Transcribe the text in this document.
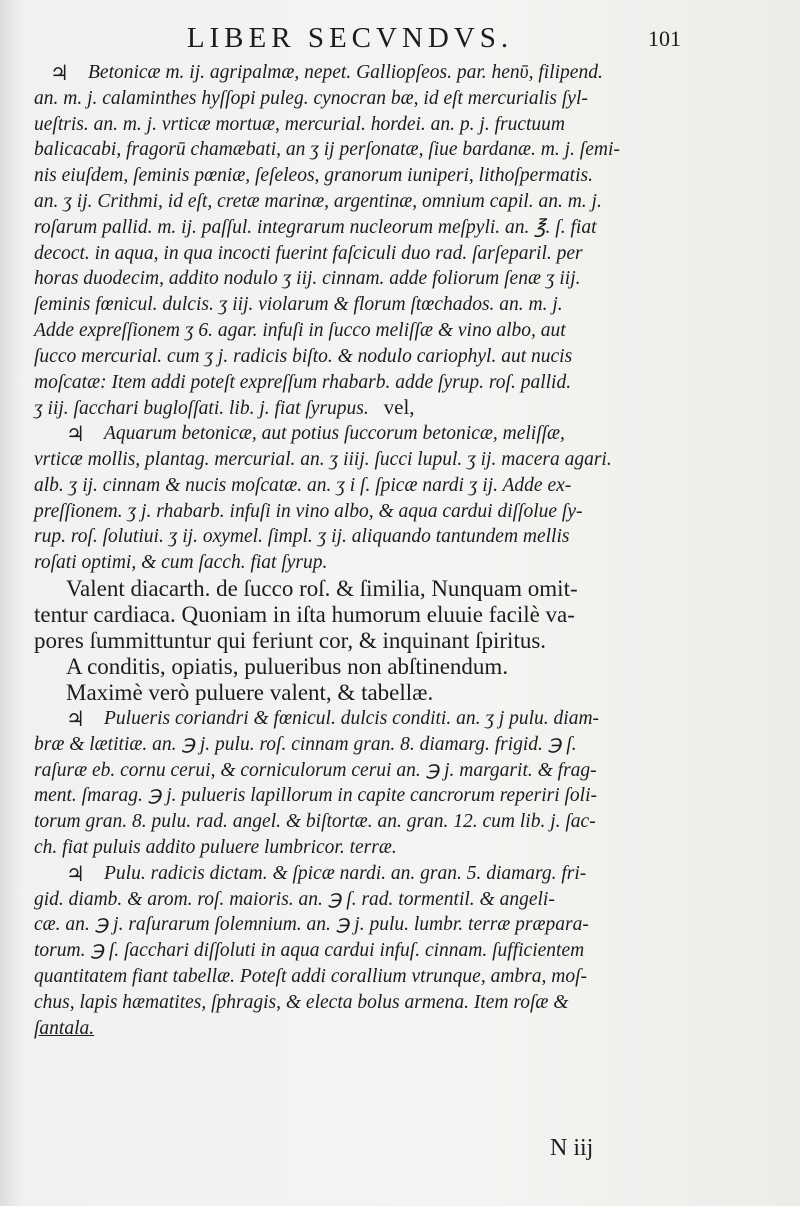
LIBER SECVNDVS.	101
♃ Betonicæ m. ij. agripalmæ, nepet. Galliopſeos. par. henῡ, filipend.
an. m. j. calaminthes hyſſopi puleg. cynocran bæ, id eſt mercurialis ſyl-
ueſtris. an. m. j. vrticæ mortuæ, mercurial. hordei. an. p. j. fructuum
balicacabi, fragorū chamæbati, an ʒ ij perſonatæ, ſiue bardanæ. m. j. ſemi-
nis eiuſdem, ſeminis pœniæ, ſeſeleos, granorum iuniperi, lithoſpermatis.
an. ʒ ij. Crithmi, id eſt, cretæ marinæ, argentinæ, omnium capil. an. m. j.
roſarum pallid. m. ij. paſſul. integrarum nucleorum meſpyli. an. ℥. ſ. fiat
decoct. in aqua, in qua incocti fuerint faſciculi duo rad. ſarſeparil. per
horas duodecim, addito nodulo ʒ iij. cinnam. adde foliorum ſenæ ʒ iij.
ſeminis fœnicul. dulcis. ʒ iij. violarum & florum ſtœchados. an. m. j.
Adde expreſſionem ʒ 6. agar. infuſi in ſucco meliſſæ & vino albo, aut
ſucco mercurial. cum ʒ j. radicis biſto. & nodulo cariophyl. aut nucis
moſcatæ: Item addi poteſt expreſſum rhabarb. adde ſyrup. roſ. pallid.
ʒ iij. ſacchari bugloſſati. lib. j. fiat ſyrupus. vel,
♃ Aquarum betonicæ, aut potius ſuccorum betonicæ, meliſſæ,
vrticæ mollis, plantag. mercurial. an. ʒ iiij. ſucci lupul. ʒ ij. macera agari.
alb. ʒ ij. cinnam & nucis moſcatæ. an. ʒ i ſ. ſpicæ nardi ʒ ij. Adde ex-
preſſionem. ʒ j. rhabarb. infuſi in vino albo, & aqua cardui diſſolue ſy-
rup. roſ. ſolutiui. ʒ ij. oxymel. ſimpl. ʒ ij. aliquando tantundem mellis
roſati optimi, & cum ſacch. fiat ſyrup.
Valent diacarth. de ſucco roſ. & ſimilia, Nunquam omit-
tentur cardiaca. Quoniam in iſta humorum eluuie facilè va-
pores ſummittuntur qui feriunt cor, & inquinant ſpiritus.
A conditis, opiatis, pulueribus non abſtinendum.
Maximè verò puluere valent, & tabellæ.
♃ Pulueris coriandri & fœnicul. dulcis conditi. an. ʒ j pulu. diam-
bræ & lætitiæ. an. ℈ j. pulu. roſ. cinnam gran. 8. diamarg. frigid. ℈ ſ.
raſuræ eb. cornu cerui, & corniculorum cerui an. ℈ j. margarit. & frag-
ment. ſmarag. ℈ j. pulueris lapillorum in capite cancrorum reperiri ſoli-
torum gran. 8. pulu. rad. angel. & biſtortæ. an. gran. 12. cum lib. j. ſac-
ch. fiat puluis addito puluere lumbricor. terræ.
♃ Pulu. radicis dictam. & ſpicæ nardi. an. gran. 5. diamarg. fri-
gid. diamb. & arom. roſ. maioris. an. ℈ ſ. rad. tormentil. & angeli-
cæ. an. ℈ j. raſurarum ſolemnium. an. ℈ j. pulu. lumbr. terræ præpara-
torum. ℈ ſ. ſacchari diſſoluti in aqua cardui infuſ. cinnam. ſufficientem
quantitatem fiant tabellæ. Poteſt addi corallium vtrunque, ambra, moſ-
chus, lapis hæmatites, ſphragis, & electa bolus armena. Item roſæ &
ſantala.
N iij
